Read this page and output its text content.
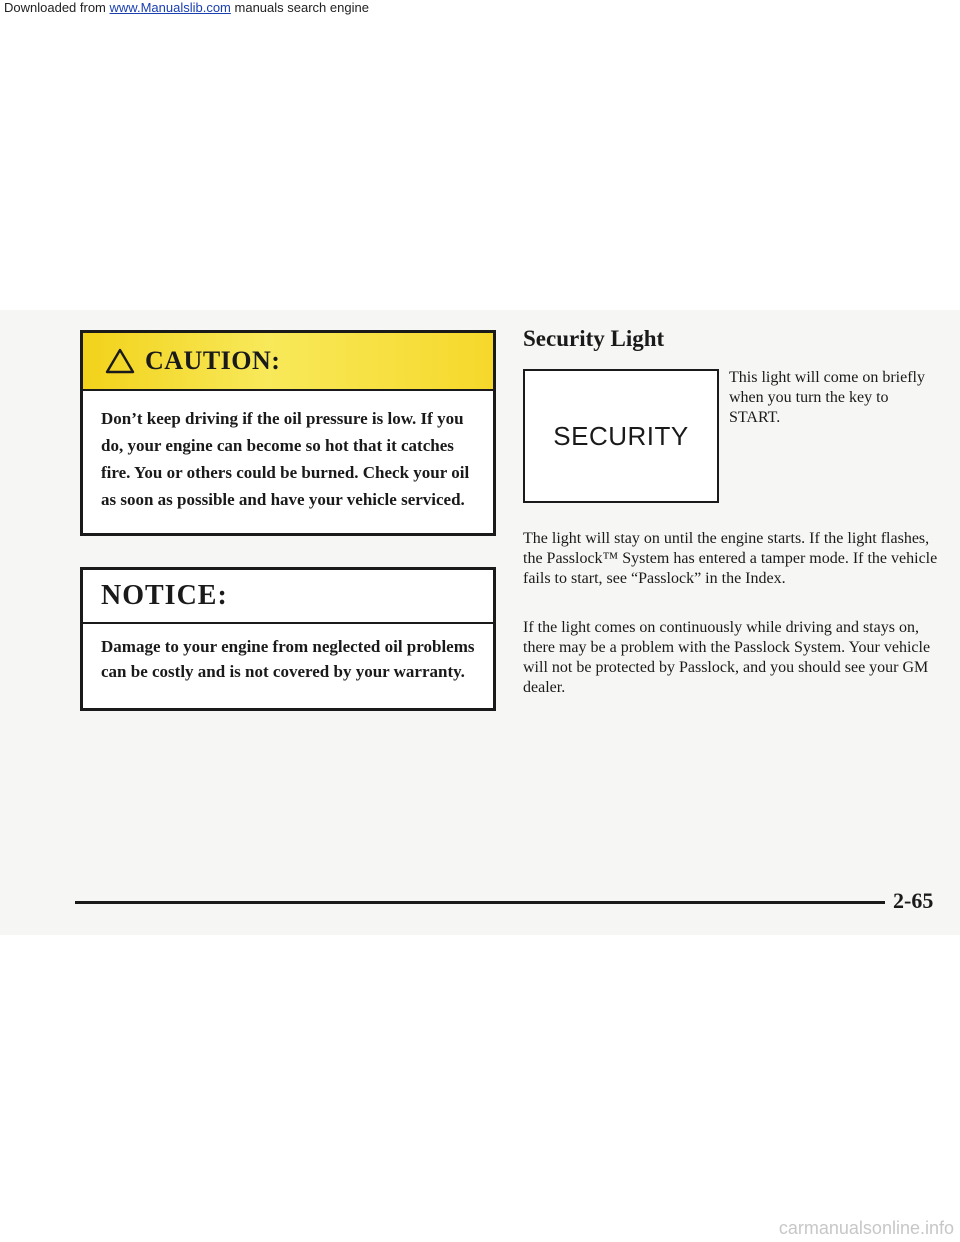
Downloaded from www.Manualslib.com manuals search engine
CAUTION:
Don’t keep driving if the oil pressure is low. If you do, your engine can become so hot that it catches fire. You or others could be burned. Check your oil as soon as possible and have your vehicle serviced.
NOTICE:
Damage to your engine from neglected oil problems can be costly and is not covered by your warranty.
Security Light
SECURITY

This light will come on briefly when you turn the key to START.

The light will stay on until the engine starts. If the light flashes, the Passlock™ System has entered a tamper mode. If the vehicle fails to start, see “Passlock” in the Index.

If the light comes on continuously while driving and stays on, there may be a problem with the Passlock System. Your vehicle will not be protected by Passlock, and you should see your GM dealer.

2-65
carmanualsonline.info
